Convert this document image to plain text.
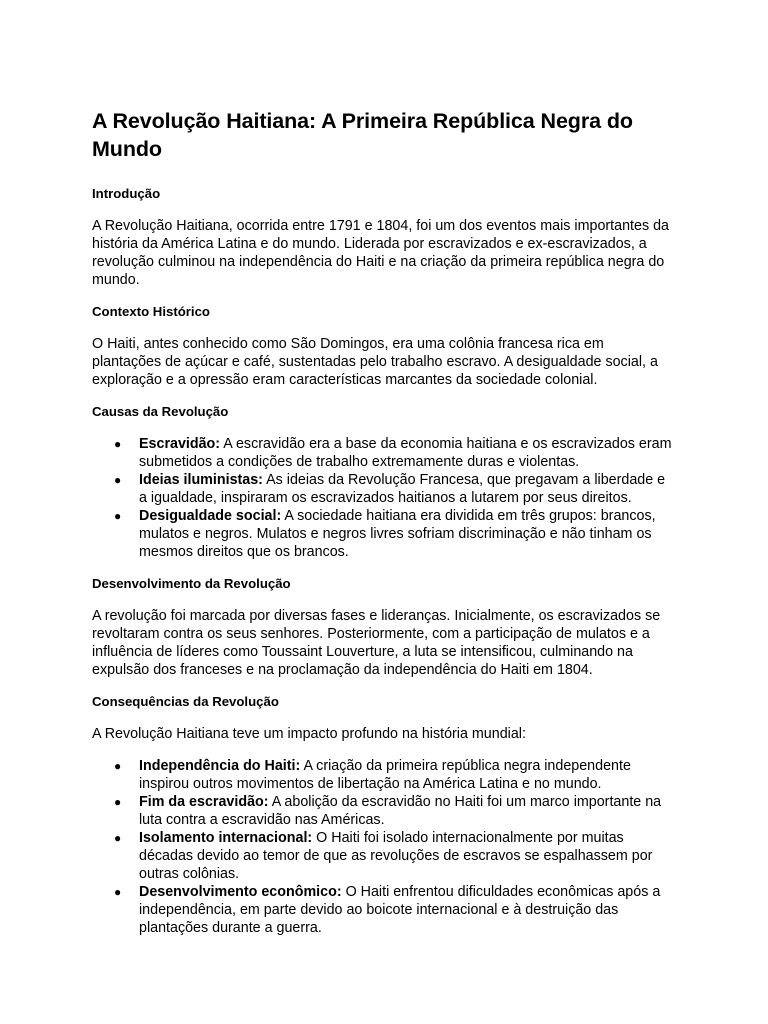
A Revolução Haitiana: A Primeira República Negra do Mundo
Introdução

A Revolução Haitiana, ocorrida entre 1791 e 1804, foi um dos eventos mais importantes da história da América Latina e do mundo. Liderada por escravizados e ex-escravizados, a revolução culminou na independência do Haiti e na criação da primeira república negra do mundo.

Contexto Histórico

O Haiti, antes conhecido como São Domingos, era uma colônia francesa rica em plantações de açúcar e café, sustentadas pelo trabalho escravo. A desigualdade social, a exploração e a opressão eram características marcantes da sociedade colonial.

Causas da Revolução
● Escravidão: A escravidão era a base da economia haitiana e os escravizados eram submetidos a condições de trabalho extremamente duras e violentas.
● Ideias iluministas: As ideias da Revolução Francesa, que pregavam a liberdade e a igualdade, inspiraram os escravizados haitianos a lutarem por seus direitos.
● Desigualdade social: A sociedade haitiana era dividida em três grupos: brancos, mulatos e negros. Mulatos e negros livres sofriam discriminação e não tinham os mesmos direitos que os brancos.
Desenvolvimento da Revolução

A revolução foi marcada por diversas fases e lideranças. Inicialmente, os escravizados se revoltaram contra os seus senhores. Posteriormente, com a participação de mulatos e a influência de líderes como Toussaint Louverture, a luta se intensificou, culminando na expulsão dos franceses e na proclamação da independência do Haiti em 1804.

Consequências da Revolução

A Revolução Haitiana teve um impacto profundo na história mundial:

● Independência do Haiti: A criação da primeira república negra independente inspirou outros movimentos de libertação na América Latina e no mundo.
● Fim da escravidão: A abolição da escravidão no Haiti foi um marco importante na luta contra a escravidão nas Américas.
● Isolamento internacional: O Haiti foi isolado internacionalmente por muitas décadas devido ao temor de que as revoluções de escravos se espalhassem por outras colônias.
● Desenvolvimento econômico: O Haiti enfrentou dificuldades econômicas após a independência, em parte devido ao boicote internacional e à destruição das plantações durante a guerra.
